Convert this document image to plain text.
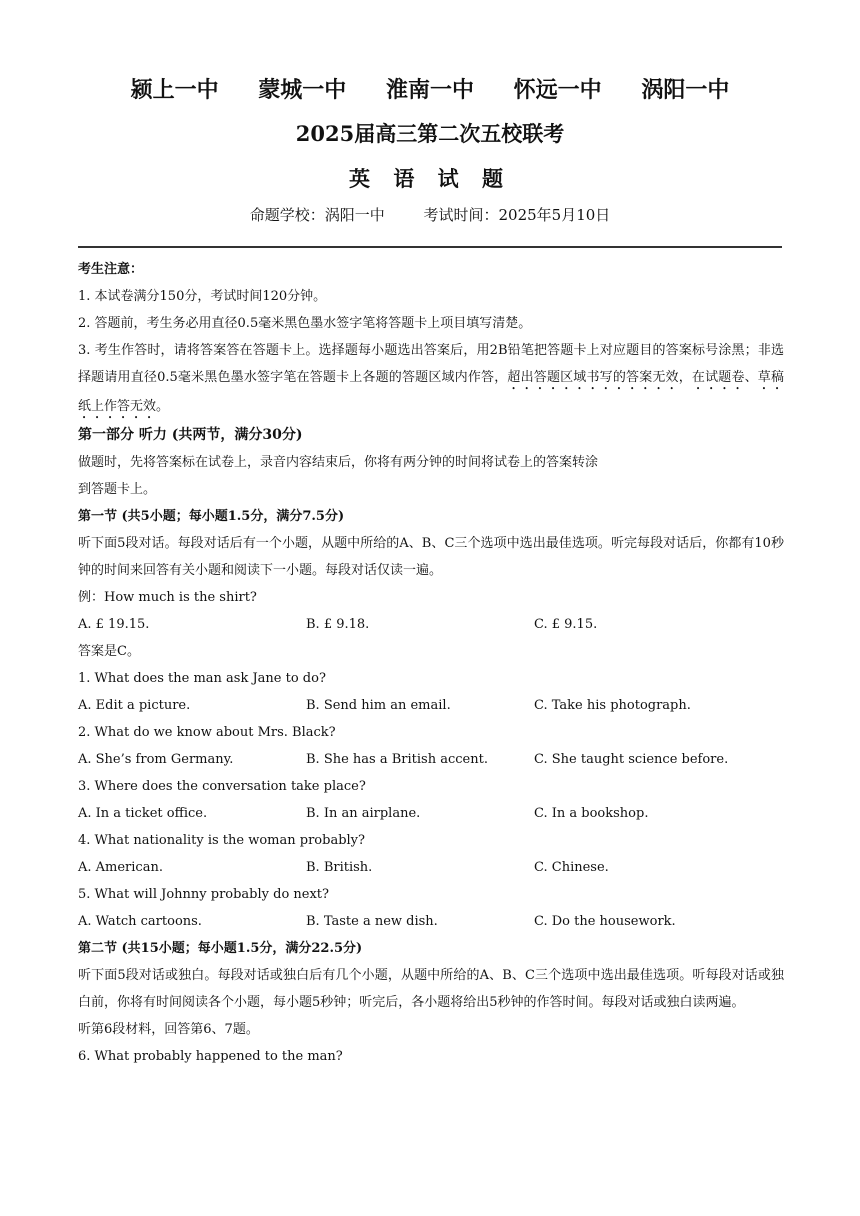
颍上一中 蒙城一中 淮南一中 怀远一中 涡阳一中
2025届高三第二次五校联考
英 语 试 题
命题学校：涡阳一中	考试时间：2025年5月10日
考生注意：
1. 本试卷满分150分，考试时间120分钟。
2. 答题前，考生务必用直径0.5毫米黑色墨水签字笔将答题卡上项目填写清楚。
3. 考生作答时，请将答案答在答题卡上。选择题每小题选出答案后，用2B铅笔把答题卡上对应题目的答案标号涂黑；非选择题请用直径0.5毫米黑色墨水签字笔在答题卡上各题的答题区域内作答，超出答题区域书写的答案无效，在试题卷、草稿纸上作答无效。
第一部分 听力 (共两节，满分30分)
做题时，先将答案标在试卷上，录音内容结束后，你将有两分钟的时间将试卷上的答案转涂
到答题卡上。
第一节 (共5小题；每小题1.5分，满分7.5分)
听下面5段对话。每段对话后有一个小题，从题中所给的A、B、C三个选项中选出最佳选项。听完每段对话后，你都有10秒钟的时间来回答有关小题和阅读下一小题。每段对话仅读一遍。
例：How much is the shirt?
A. £ 19.15.	B. £ 9.18.	C. £ 9.15.
答案是C。
1. What does the man ask Jane to do?
A. Edit a picture.	B. Send him an email.	C. Take his photograph.
2. What do we know about Mrs. Black?
A. She’s from Germany.	B. She has a British accent.	C. She taught science before.
3. Where does the conversation take place?
A. In a ticket office.	B. In an airplane.	C. In a bookshop.
4. What nationality is the woman probably?
A. American.	B. British.	C. Chinese.
5. What will Johnny probably do next?
A. Watch cartoons.	B. Taste a new dish.	C. Do the housework.
第二节 (共15小题；每小题1.5分，满分22.5分)
听下面5段对话或独白。每段对话或独白后有几个小题，从题中所给的A、B、C三个选项中选出最佳选项。听每段对话或独白前，你将有时间阅读各个小题，每小题5秒钟；听完后，各小题将给出5秒钟的作答时间。每段对话或独白读两遍。
听第6段材料，回答第6、7题。
6. What probably happened to the man?
